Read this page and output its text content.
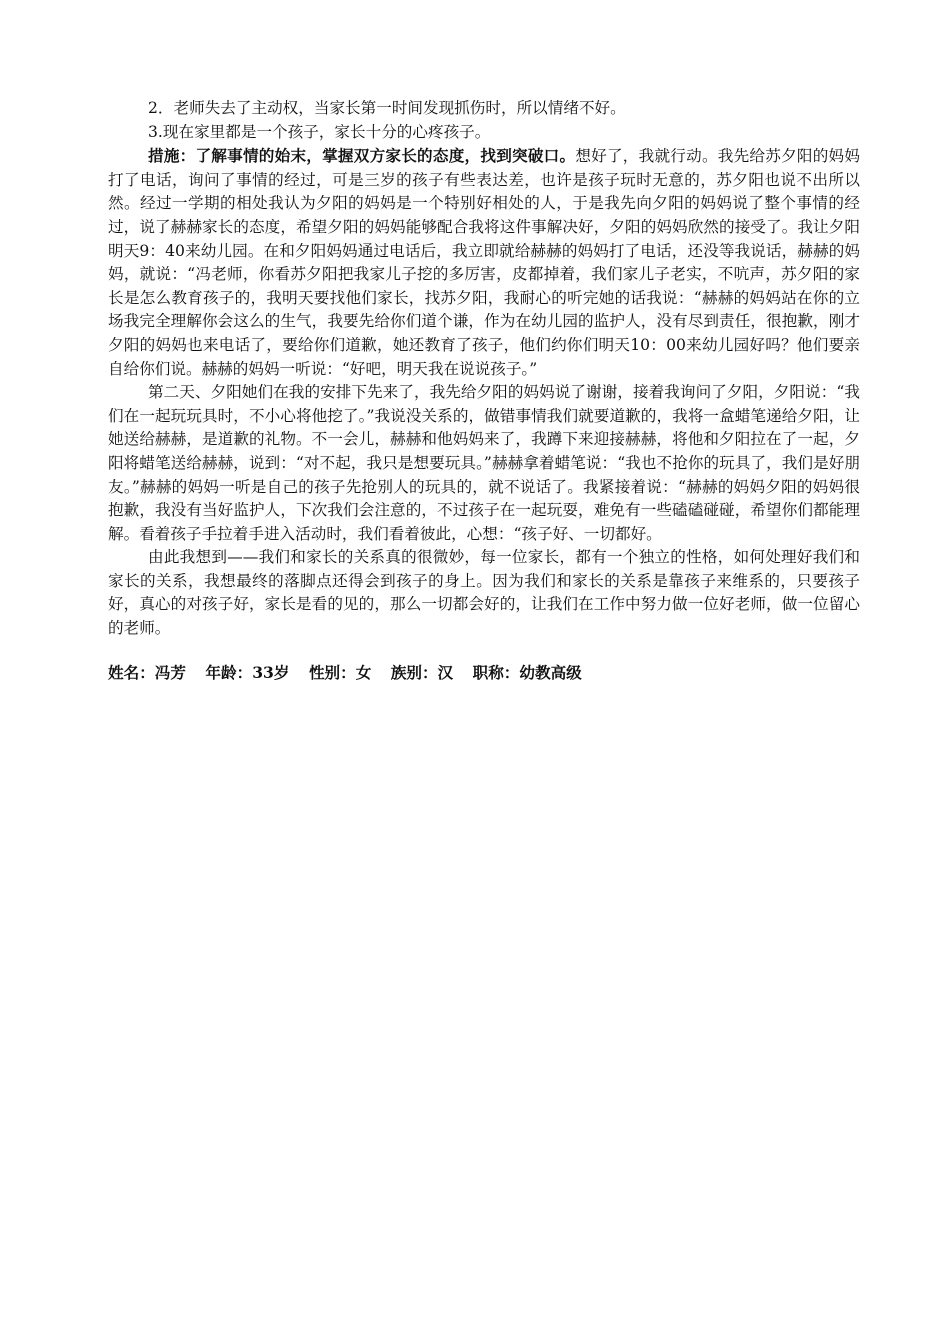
2．老师失去了主动权，当家长第一时间发现抓伤时，所以情绪不好。

3.现在家里都是一个孩子，家长十分的心疼孩子。

措施：了解事情的始末，掌握双方家长的态度，找到突破口。想好了，我就行动。我先给苏夕阳的妈妈打了电话，询问了事情的经过，可是三岁的孩子有些表达差，也许是孩子玩时无意的，苏夕阳也说不出所以然。经过一学期的相处我认为夕阳的妈妈是一个特别好相处的人，于是我先向夕阳的妈妈说了整个事情的经过，说了赫赫家长的态度，希望夕阳的妈妈能够配合我将这件事解决好，夕阳的妈妈欣然的接受了。我让夕阳明天9：40来幼儿园。在和夕阳妈妈通过电话后，我立即就给赫赫的妈妈打了电话，还没等我说话，赫赫的妈妈，就说：“冯老师，你看苏夕阳把我家儿子挖的多厉害，皮都掉着，我们家儿子老实，不吭声，苏夕阳的家长是怎么教育孩子的，我明天要找他们家长，找苏夕阳，我耐心的听完她的话我说：“赫赫的妈妈站在你的立场我完全理解你会这么的生气，我要先给你们道个谦，作为在幼儿园的监护人，没有尽到责任，很抱歉，刚才夕阳的妈妈也来电话了，要给你们道歉，她还教育了孩子，他们约你们明天10：00来幼儿园好吗？他们要亲自给你们说。赫赫的妈妈一听说：“好吧，明天我在说说孩子。”

第二天、夕阳她们在我的安排下先来了，我先给夕阳的妈妈说了谢谢，接着我询问了夕阳，夕阳说：“我们在一起玩玩具时，不小心将他挖了。”我说没关系的，做错事情我们就要道歉的，我将一盒蜡笔递给夕阳，让她送给赫赫，是道歉的礼物。不一会儿，赫赫和他妈妈来了，我蹲下来迎接赫赫，将他和夕阳拉在了一起，夕阳将蜡笔送给赫赫，说到：“对不起，我只是想要玩具。”赫赫拿着蜡笔说：“我也不抢你的玩具了，我们是好朋友。”赫赫的妈妈一听是自己的孩子先抢别人的玩具的，就不说话了。我紧接着说：“赫赫的妈妈夕阳的妈妈很抱歉，我没有当好监护人，下次我们会注意的，不过孩子在一起玩耍，难免有一些磕磕碰碰，希望你们都能理解。看着孩子手拉着手进入活动时，我们看着彼此，心想：“孩子好、一切都好。

由此我想到——我们和家长的关系真的很微妙，每一位家长，都有一个独立的性格，如何处理好我们和家长的关系，我想最终的落脚点还得会到孩子的身上。因为我们和家长的关系是靠孩子来维系的，只要孩子好，真心的对孩子好，家长是看的见的，那么一切都会好的，让我们在工作中努力做一位好老师，做一位留心的老师。

姓名：冯芳 年龄：33岁 性别：女 族别：汉 职称：幼教高级
